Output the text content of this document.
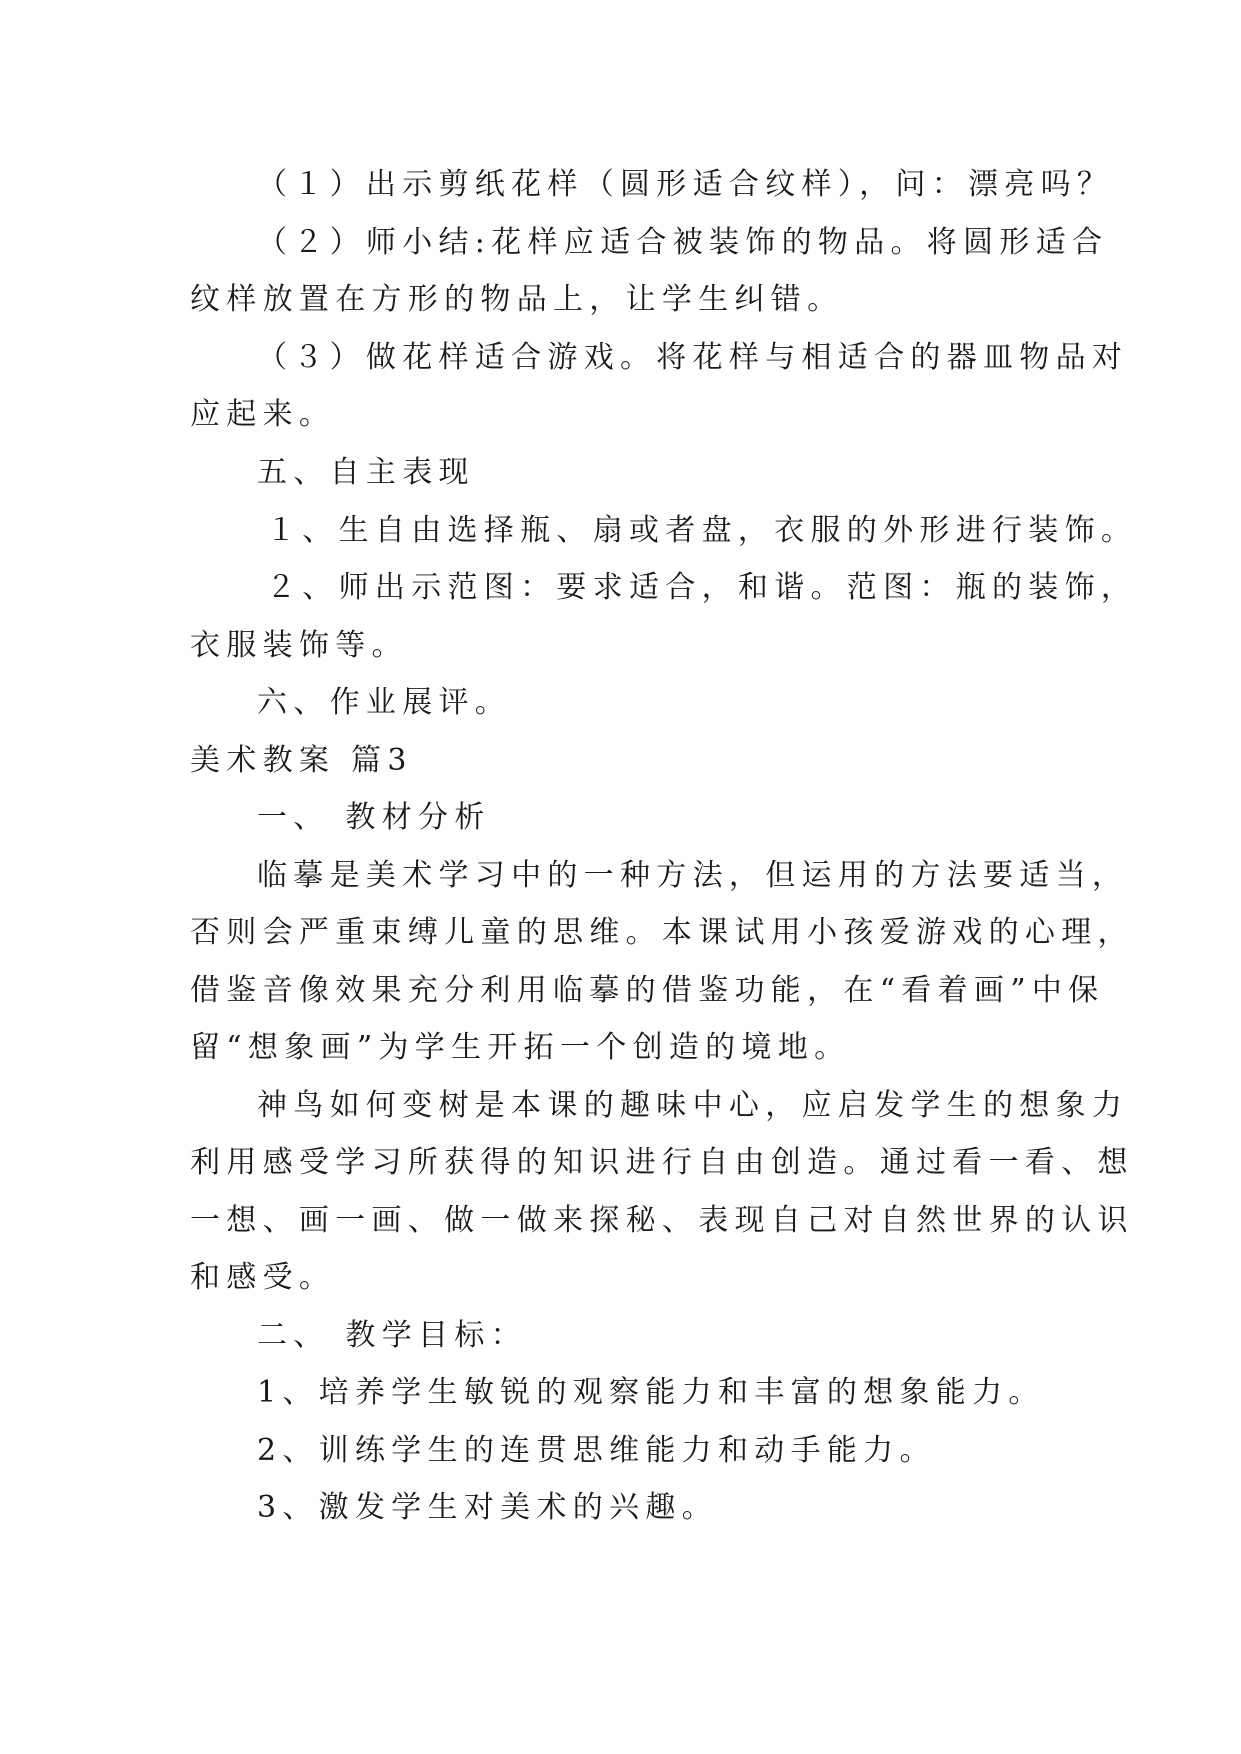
（１）出示剪纸花样（圆形适合纹样），问：漂亮吗？
（２）师小结:花样应适合被装饰的物品。将圆形适合
纹样放置在方形的物品上，让学生纠错。
（３）做花样适合游戏。将花样与相适合的器皿物品对
应起来。
五、自主表现
１、生自由选择瓶、扇或者盘，衣服的外形进行装饰。
２、师出示范图：要求适合，和谐。范图：瓶的装饰，
衣服装饰等。
六、作业展评。
美术教案 篇3
一、 教材分析
临摹是美术学习中的一种方法，但运用的方法要适当，
否则会严重束缚儿童的思维。本课试用小孩爱游戏的心理，
借鉴音像效果充分利用临摹的借鉴功能，在“看着画”中保
留“想象画”为学生开拓一个创造的境地。
神鸟如何变树是本课的趣味中心，应启发学生的想象力
利用感受学习所获得的知识进行自由创造。通过看一看、想
一想、画一画、做一做来探秘、表现自己对自然世界的认识
和感受。
二、 教学目标：
1、培养学生敏锐的观察能力和丰富的想象能力。
2、训练学生的连贯思维能力和动手能力。
3、激发学生对美术的兴趣。
